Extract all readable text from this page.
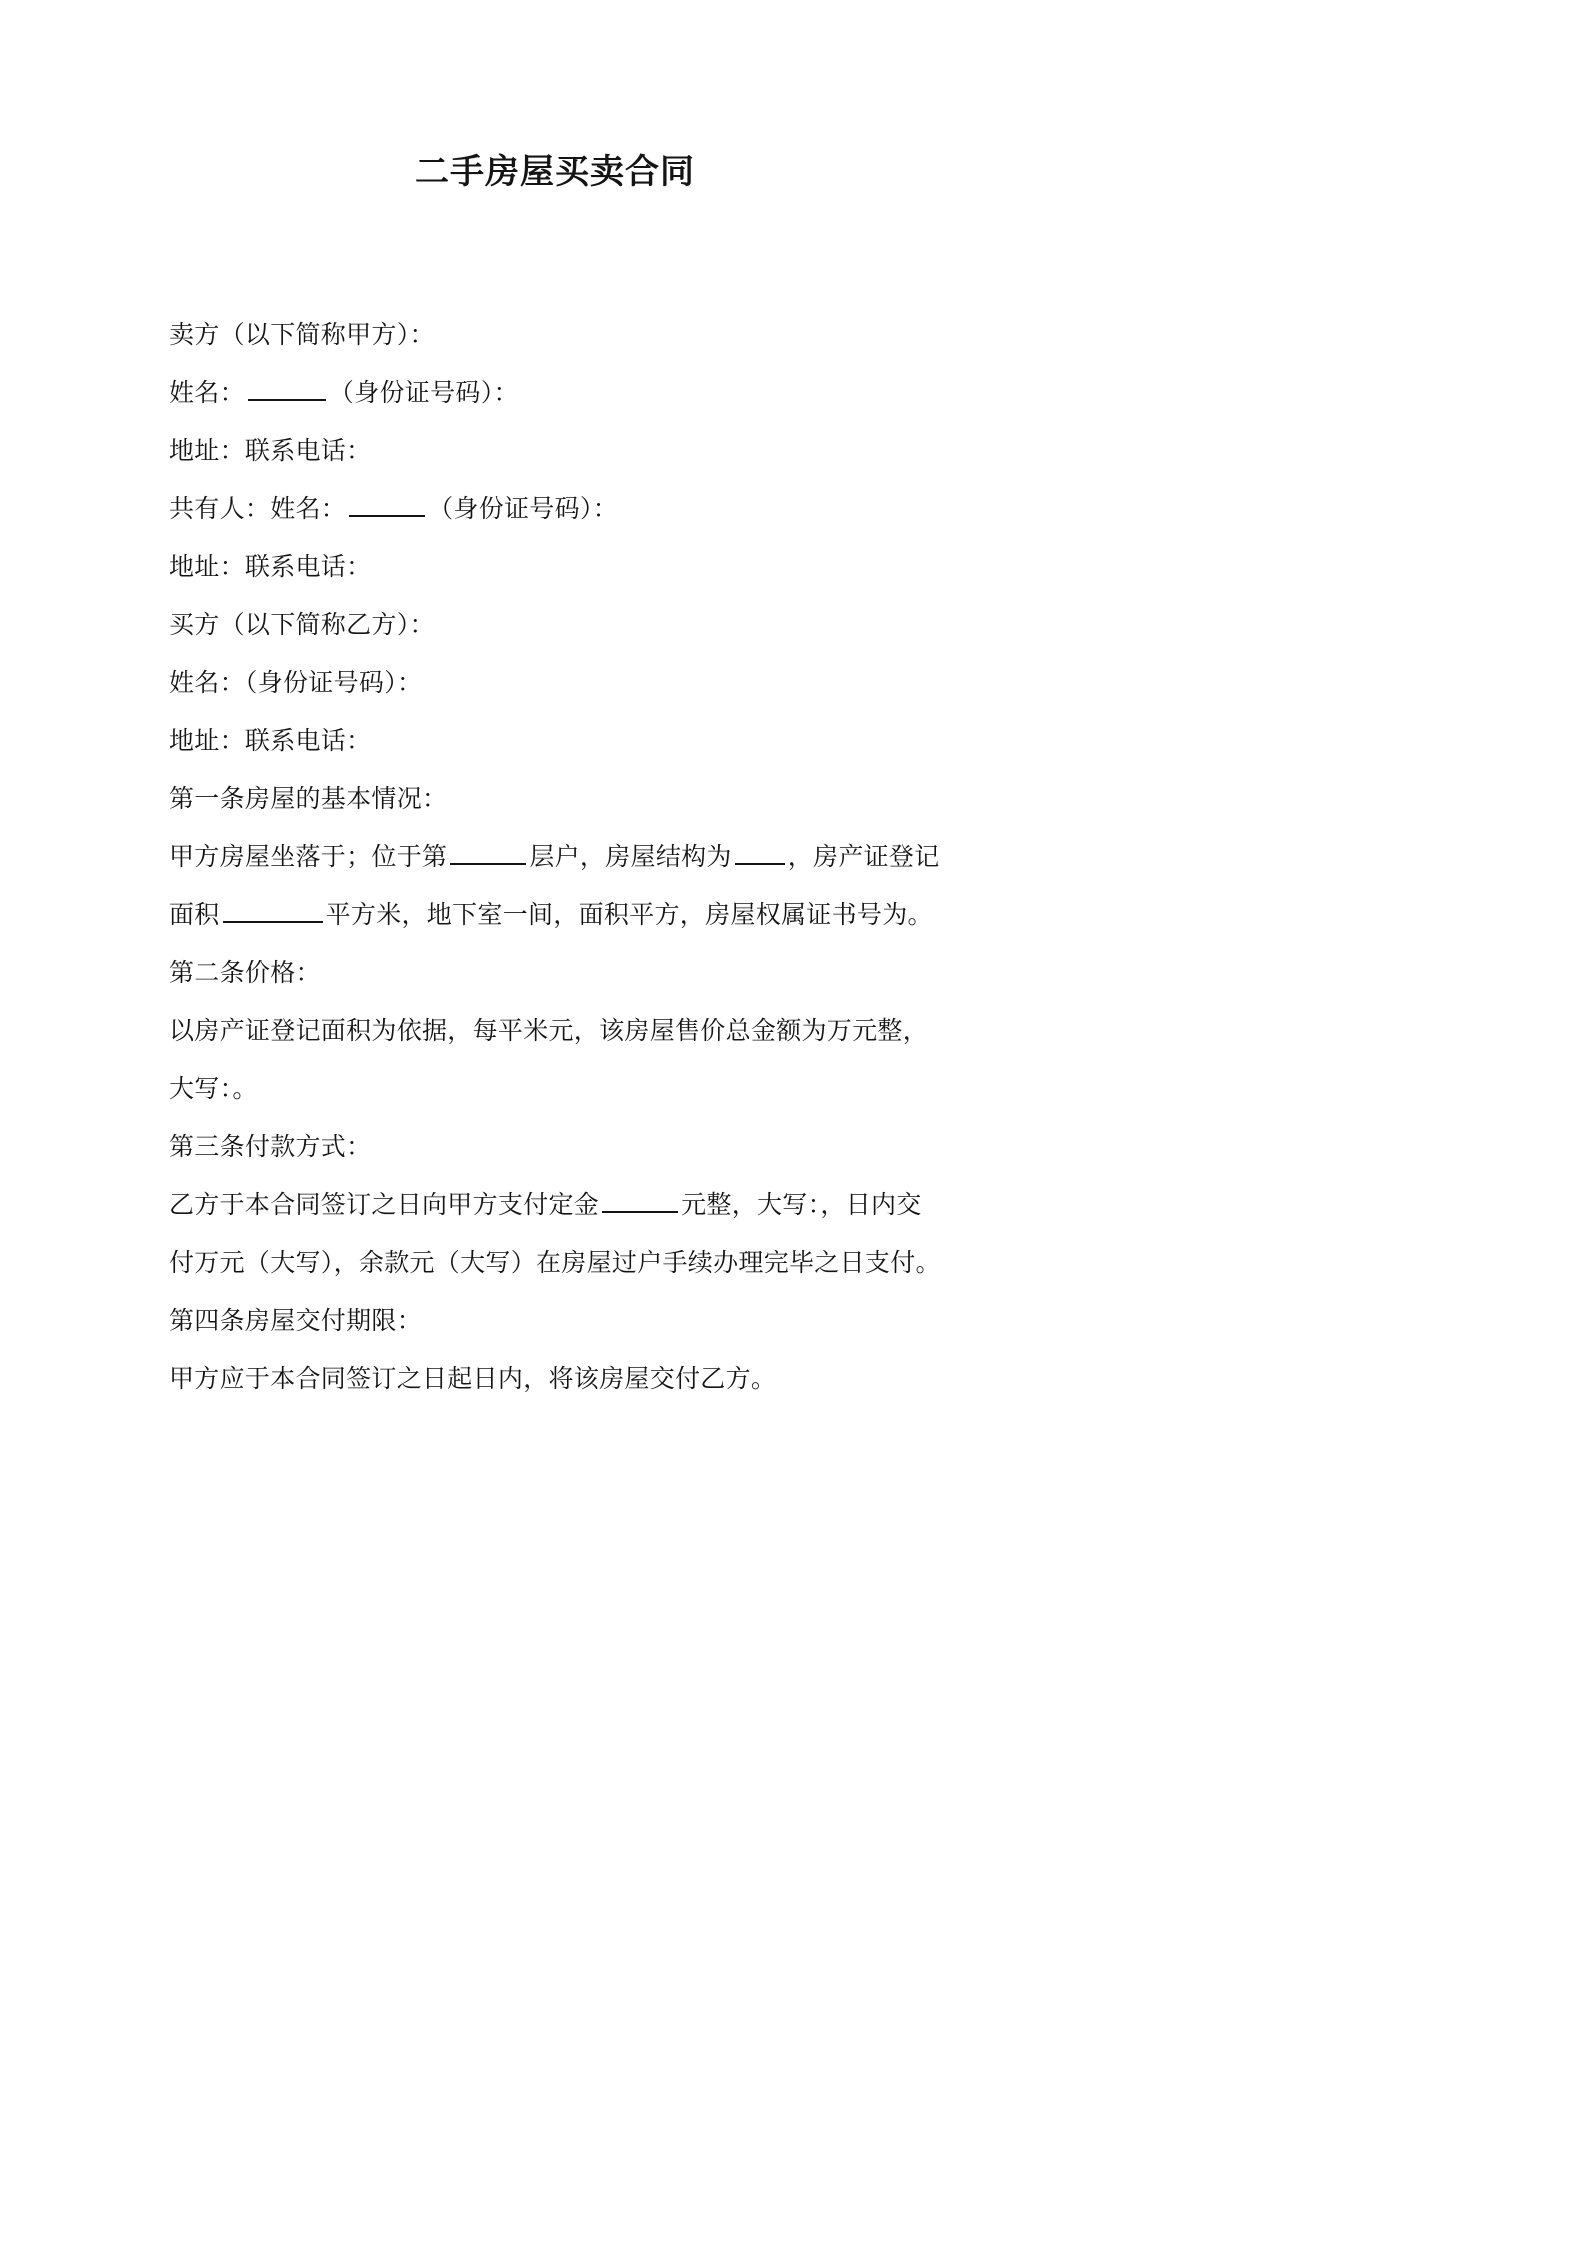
二手房屋买卖合同

卖方（以下简称甲方）：

姓名：	（身份证号码）：

地址：联系电话：

共有人：姓名：	（身份证号码）：

地址：联系电话：

买方（以下简称乙方）：

姓名：（身份证号码）：

地址：联系电话：

第一条房屋的基本情况：

甲方房屋坐落于；位于第	层户，房屋结构为 ，房产证登记

面积	平方米，地下室一间，面积平方，房屋权属证书号为。

第二条价格：

以房产证登记面积为依据，每平米元，该房屋售价总金额为万元整，

大写：。

第三条付款方式：

乙方于本合同签订之日向甲方支付定金	元整，大写：，日内交

付万元（大写），余款元（大写）在房屋过户手续办理完毕之日支付。

第四条房屋交付期限：

甲方应于本合同签订之日起日内，将该房屋交付乙方。
